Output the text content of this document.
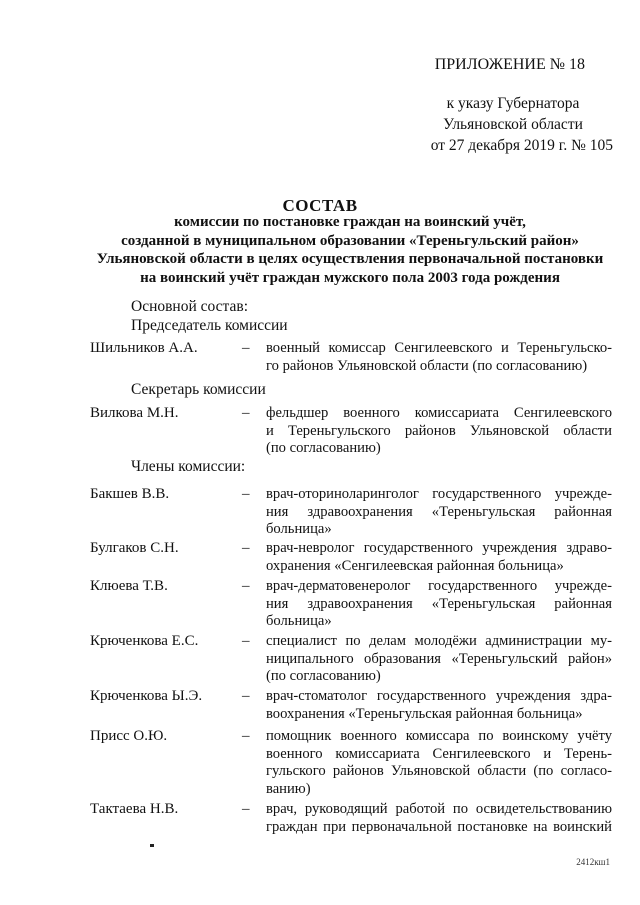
ПРИЛОЖЕНИЕ № 18
к указу Губернатора
Ульяновской области
от 27 декабря 2019 г. № 105
СОСТАВ
комиссии по постановке граждан на воинский учёт,
созданной в муниципальном образовании «Тереньгульский район»
Ульяновской области в целях осуществления первоначальной постановки
на воинский учёт граждан мужского пола 2003 года рождения
Основной состав:
Председатель комиссии
Шильников А.А.	– военный комиссар Сенгилеевского и Тереньгульско-
го районов Ульяновской области (по согласованию)
Секретарь комиссии
Вилкова М.Н.	– фельдшер военного комиссариата Сенгилеевского
и Тереньгульского районов Ульяновской области
(по согласованию)
Члены комиссии:
Бакшев В.В.	– врач-оториноларинголог государственного учрежде-
ния здравоохранения «Тереньгульская районная
больница»
Булгаков С.Н.	– врач-невролог государственного учреждения здраво-
охранения «Сенгилеевская районная больница»
Клюева Т.В.	– врач-дерматовенеролог государственного учрежде-
ния здравоохранения «Тереньгульская районная
больница»
Крюченкова Е.С.	– специалист по делам молодёжи администрации му-
ниципального образования «Тереньгульский район»
(по согласованию)
Крюченкова Ы.Э.	– врач-стоматолог государственного учреждения здра-
воохранения «Тереньгульская районная больница»
Присс О.Ю.	– помощник военного комиссара по воинскому учёту
военного комиссариата Сенгилеевского и Терень-
гульского районов Ульяновской области (по согласо-
ванию)
Тактаева Н.В.	– врач, руководящий работой по освидетельствованию
граждан при первоначальной постановке на воинский
2412кш1
